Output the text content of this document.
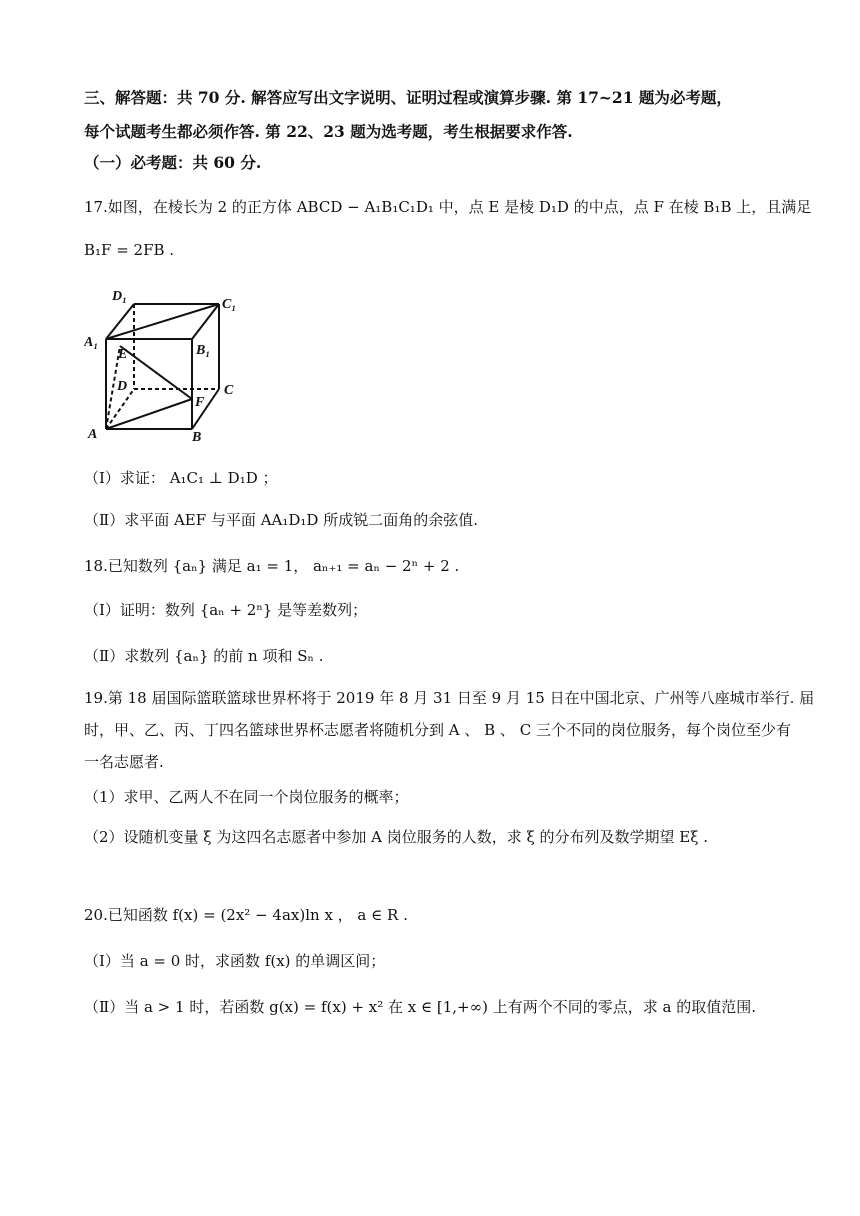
三、解答题：共 70 分. 解答应写出文字说明、证明过程或演算步骤. 第 17~21 题为必考题，
每个试题考生都必须作答. 第 22、23 题为选考题，考生根据要求作答.
（一）必考题：共 60 分.
17.如图，在棱长为 2 的正方体 ABCD − A₁B₁C₁D₁ 中，点 E 是棱 D₁D 的中点，点 F 在棱 B₁B 上，且满足
B₁F = 2FB .
D₁
C₁
A₁
B₁
E
D	C
F
A	B
（Ⅰ）求证： A₁C₁ ⊥ D₁D ；
（Ⅱ）求平面 AEF 与平面 AA₁D₁D 所成锐二面角的余弦值.
18.已知数列 {aₙ} 满足 a₁ = 1， aₙ₊₁ = aₙ − 2ⁿ + 2 .
（Ⅰ）证明：数列 {aₙ + 2ⁿ} 是等差数列；
（Ⅱ）求数列 {aₙ} 的前 n 项和 Sₙ .
19.第 18 届国际篮联篮球世界杯将于 2019 年 8 月 31 日至 9 月 15 日在中国北京、广州等八座城市举行. 届
时，甲、乙、丙、丁四名篮球世界杯志愿者将随机分到 A 、 B 、 C 三个不同的岗位服务，每个岗位至少有
一名志愿者.
（1）求甲、乙两人不在同一个岗位服务的概率；
（2）设随机变量 ξ 为这四名志愿者中参加 A 岗位服务的人数，求 ξ 的分布列及数学期望 Eξ .
20.已知函数 f(x) = (2x² − 4ax)ln x ， a ∈ R .
（Ⅰ）当 a = 0 时，求函数 f(x) 的单调区间；
（Ⅱ）当 a > 1 时，若函数 g(x) = f(x) + x² 在 x ∈ [1,+∞) 上有两个不同的零点，求 a 的取值范围.
